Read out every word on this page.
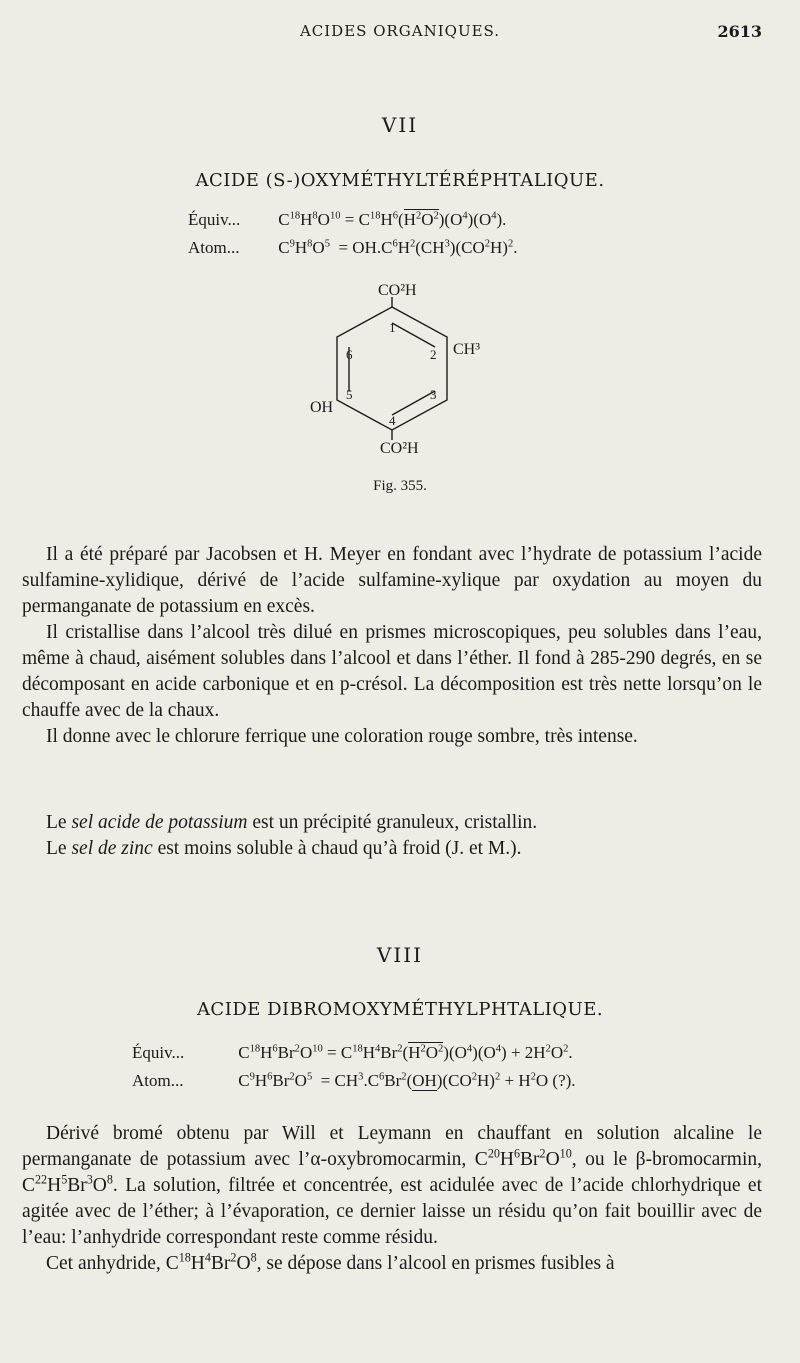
ACIDES ORGANIQUES.	2613
VII
ACIDE (S-)OXYMÉTHYLTÉRÉPHTALIQUE.
Équiv... $C^{18}H^8O^{10} = C^{18}H^6(H^2O^2)(O^4)(O^4)$.
Atom... $C^9H^8O^5 = OH.C^6H^2(CH^3)(CO^2H)^2$.
CO²H
CH³
OH
CO²H
1
2
3
4
5
6
Fig. 355.

Il a été préparé par Jacobsen et H. Meyer en fondant avec l’hydrate de potassium l’acide sulfamine-xylidique, dérivé de l’acide sulfamine-xylique par oxydation au moyen du permanganate de potassium en excès.

Il cristallise dans l’alcool très dilué en prismes microscopiques, peu solubles dans l’eau, même à chaud, aisément solubles dans l’alcool et dans l’éther. Il fond à 285-290 degrés, en se décomposant en acide carbonique et en p-crésol. La décomposition est très nette lorsqu’on le chauffe avec de la chaux.

Il donne avec le chlorure ferrique une coloration rouge sombre, très intense.

Le sel acide de potassium est un précipité granuleux, cristallin.

Le sel de zinc est moins soluble à chaud qu’à froid (J. et M.).

VIII
ACIDE DIBROMOXYMÉTHYLPHTALIQUE.
Équiv...	$C^{18}H^6Br^2O^{10} = C^{18}H^4Br^2(H^2O^2)(O^4)(O^4) + 2H^2O^2$.
Atom...	$C^9H^6Br^2O^5 = CH^3.C^6Br^2(OH)(CO^2H)^2 + H^2O$ (?).

Dérivé bromé obtenu par Will et Leymann en chauffant en solution alcaline le permanganate de potassium avec l’α-oxybromocarmin, $C^{20}H^6Br^2O^{10}$, ou le β-bromocarmin, $C^{22}H^5Br^3O^8$. La solution, filtrée et concentrée, est acidulée avec de l’acide chlorhydrique et agitée avec de l’éther; à l’évaporation, ce dernier laisse un résidu qu’on fait bouillir avec de l’eau: l’anhydride correspondant reste comme résidu.

Cet anhydride, $C^{18}H^4Br^2O^8$, se dépose dans l’alcool en prismes fusibles à
